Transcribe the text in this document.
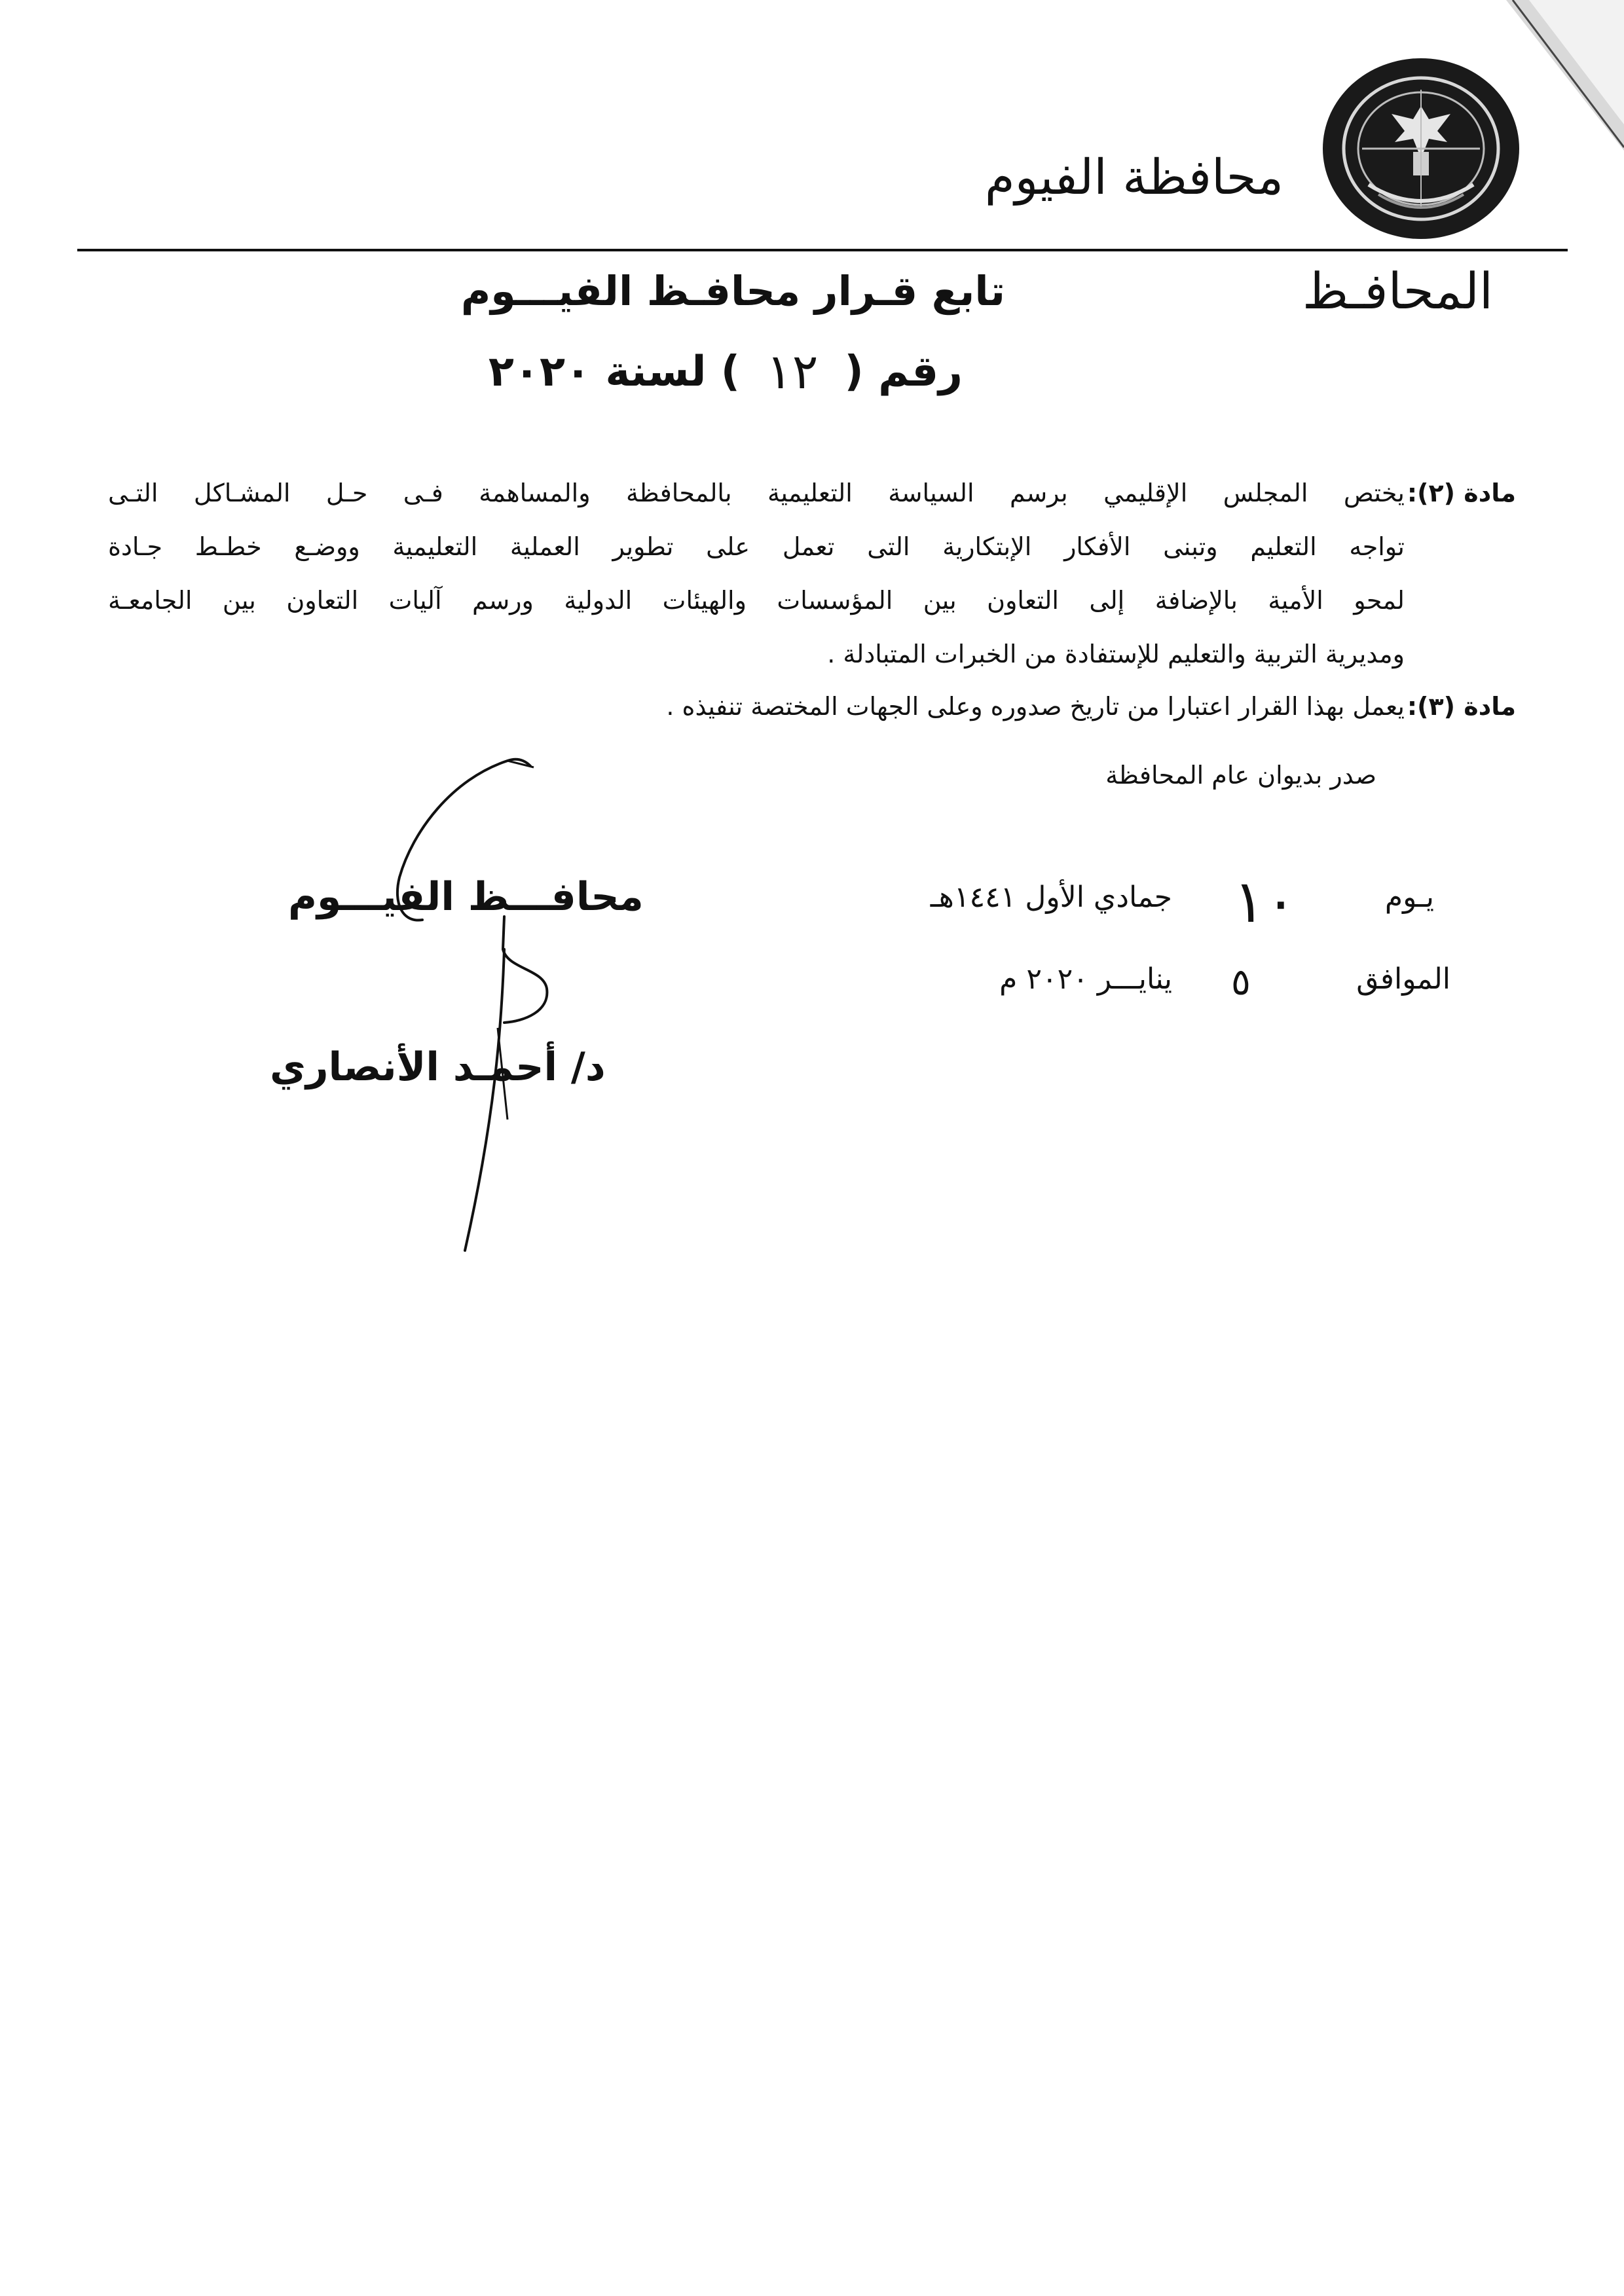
محافظة الفيوم
المحافـظ
تابع قـرار محافـظ الفيـــوم
رقم (
١٢
) لسنة ٢٠٢٠
مادة (٢):
يختص المجلس الإقليمي برسم السياسة التعليمية بالمحافظة والمساهمة فـى حـل المشـاكل التـى
تواجه التعليم وتبنى الأفكار الإبتكارية التى تعمل على تطوير العملية التعليمية ووضـع خطـط جـادة
لمحو الأمية بالإضافة إلى التعاون بين المؤسسات والهيئات الدولية ورسم آليات التعاون بين الجامعـة
ومديرية التربية والتعليم للإستفادة من الخبرات المتبادلة .
مادة (٣):
يعمل بهذا القرار اعتبارا من تاريخ صدوره وعلى الجهات المختصة تنفيذه .
صدر بديوان عام المحافظة
يـوم
١٠
جمادي الأول ١٤٤١هـ
الموافق
٥
ينايـــر ٢٠٢٠ م
محافـــظ الفيـــوم
د/ أحمـد الأنصاري
